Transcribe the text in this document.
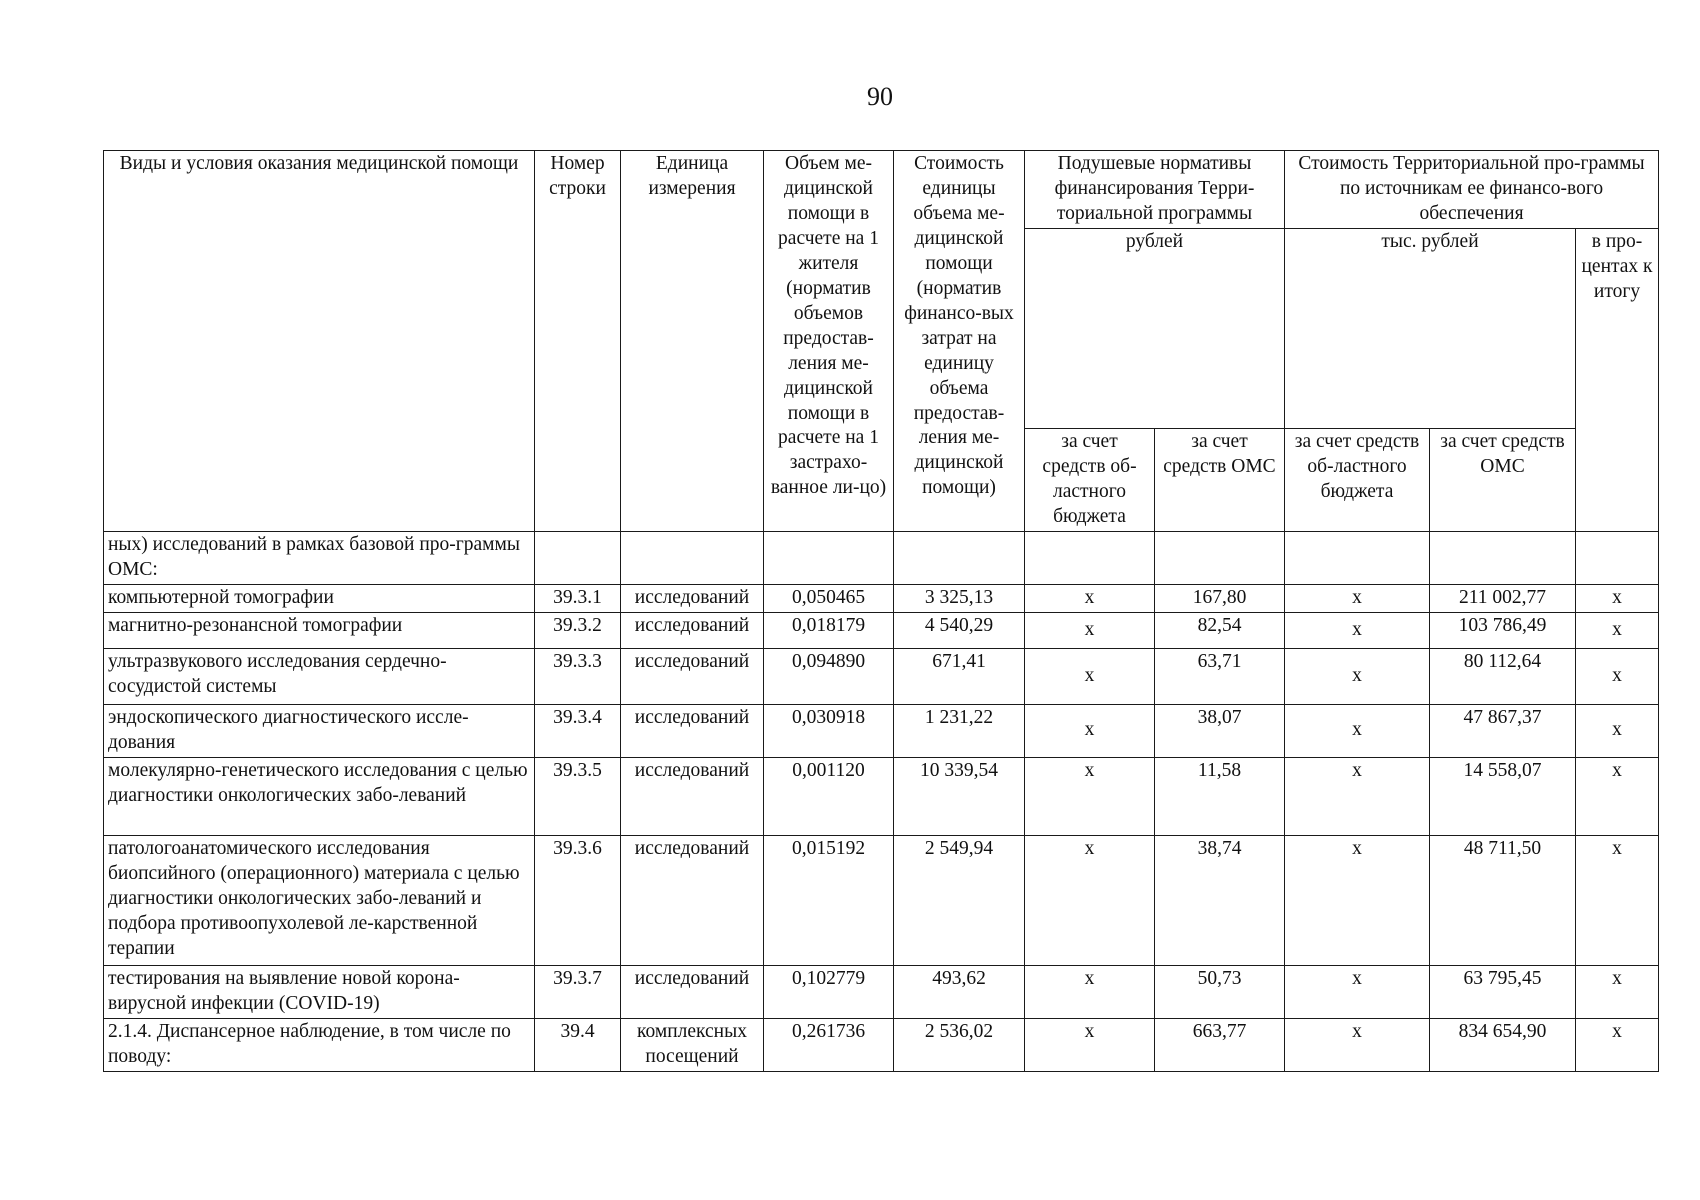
90
Виды и условия оказания медицинской помощи	Номер строки	Единица измерения	Объем ме-дицинской помощи в расчете на 1 жителя (норматив объемов предостав-ления ме-дицинской помощи в расчете на 1 застрахо-ванное ли-цо)	Стоимость единицы объема ме-дицинской помощи (норматив финансо-вых затрат на единицу объема предостав-ления ме-дицинской помощи)	Подушевые нормативы финансирования Терри-ториальной программы		Стоимость Территориальной про-граммы по источникам ее финансо-вого обеспечения		
					рублей		тыс. рублей		в про-центах к итогу
					за счет средств об-ластного бюджета	за счет средств ОМС	за счет средств об-ластного бюджета	за счет средств ОМС	
ных) исследований в рамках базовой про-граммы ОМС:									
компьютерной томографии	39.3.1	исследований	0,050465	3 325,13	х	167,80	х	211 002,77	х
магнитно-резонансной томографии	39.3.2	исследований	0,018179	4 540,29	х	82,54	х	103 786,49	х
ультразвукового исследования сердечно-сосудистой системы	39.3.3	исследований	0,094890	671,41	х	63,71	х	80 112,64	х
эндоскопического диагностического иссле-дования	39.3.4	исследований	0,030918	1 231,22	х	38,07	х	47 867,37	х
молекулярно-генетического исследования с целью диагностики онкологических забо-леваний	39.3.5	исследований	0,001120	10 339,54	х	11,58	х	14 558,07	х
патологоанатомического исследования биопсийного (операционного) материала с целью диагностики онкологических забо-леваний и подбора противоопухолевой ле-карственной терапии	39.3.6	исследований	0,015192	2 549,94	х	38,74	х	48 711,50	х
тестирования на выявление новой корона-вирусной инфекции (COVID-19)	39.3.7	исследований	0,102779	493,62	х	50,73	х	63 795,45	х
2.1.4. Диспансерное наблюдение, в том числе по поводу:	39.4	комплексных посещений	0,261736	2 536,02	х	663,77	х	834 654,90	х
